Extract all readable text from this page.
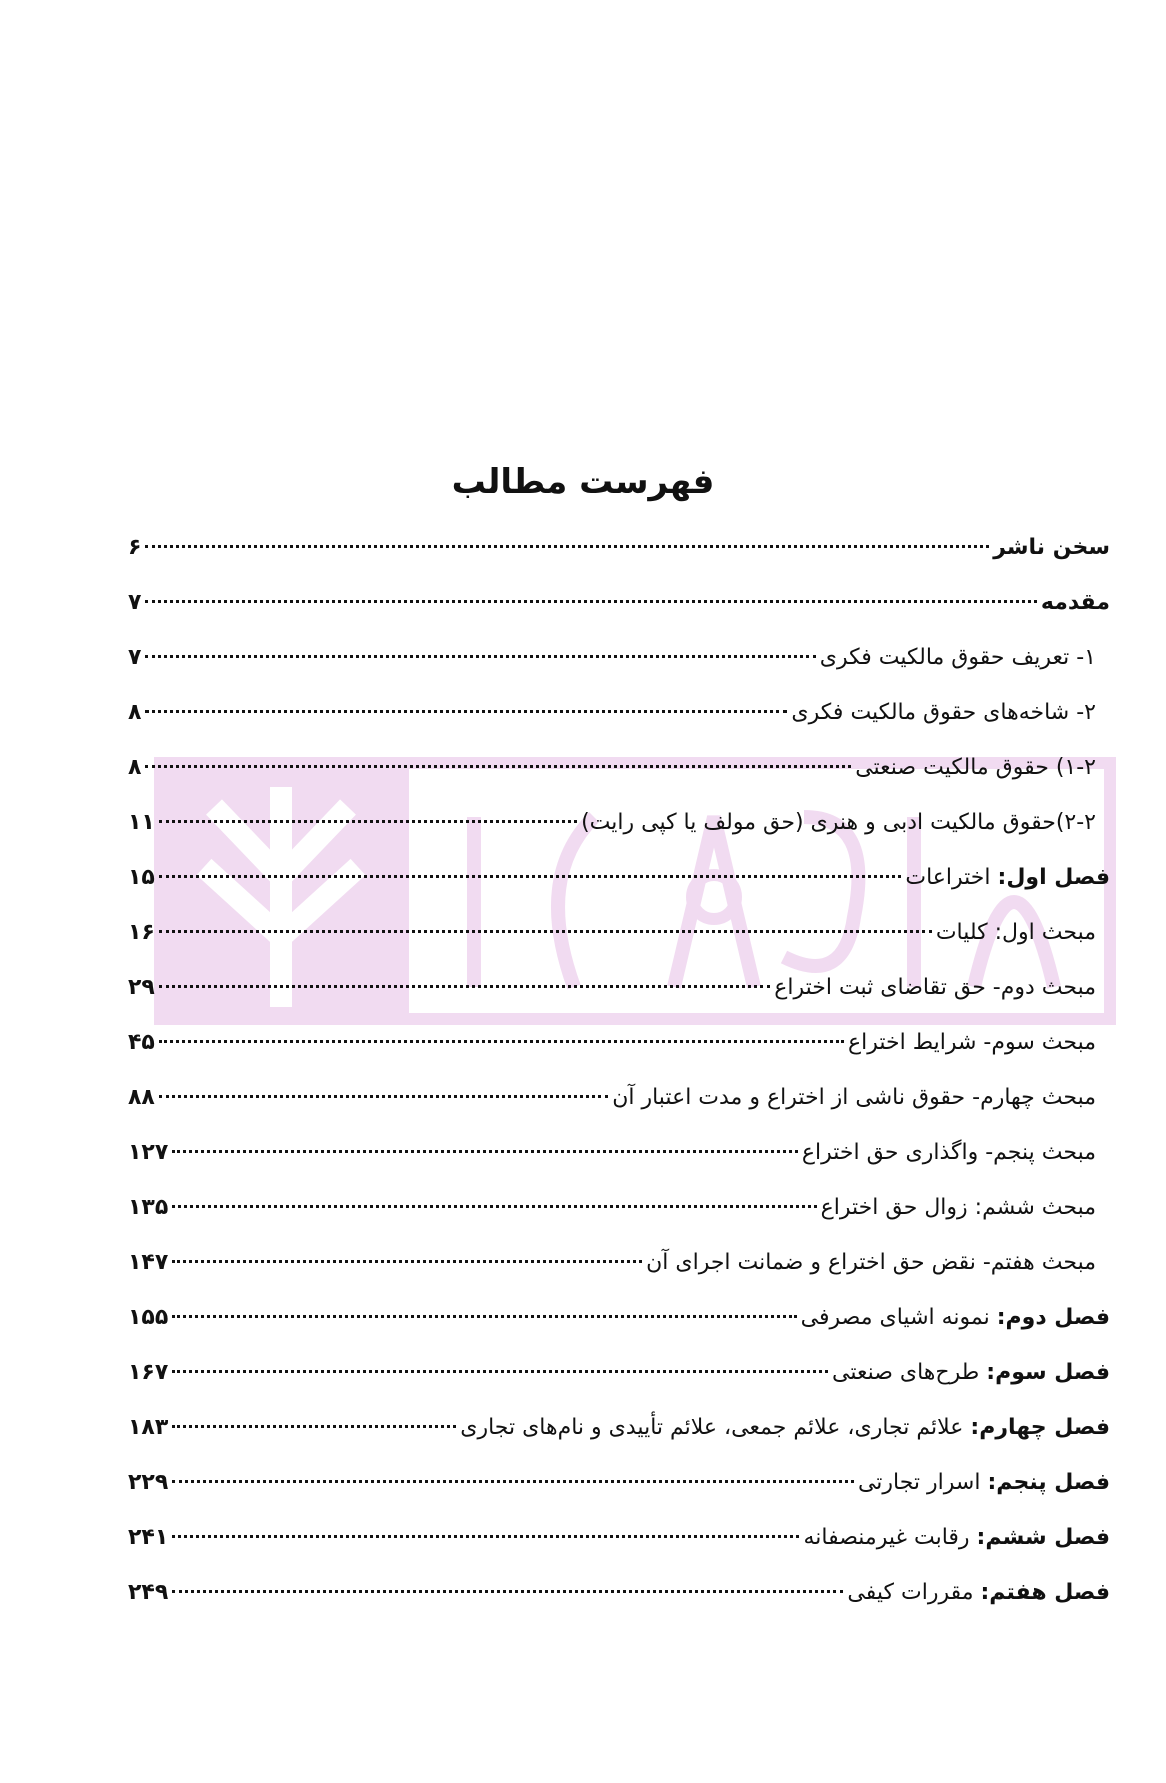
فهرست مطالب
سخن ناشر
۶
مقدمه
۷
۱- تعریف حقوق مالکیت فکری
۷
۲- شاخه‌های حقوق مالکیت فکری
۸
۱-۲) حقوق مالکیت صنعتی
۸
۲-۲)حقوق مالکیت ادبی و هنری (حق مولف یا کپی رایت)
۱۱
فصل اول: اختراعات
۱۵
مبحث اول: کلیات
۱۶
مبحث دوم- حق تقاضای ثبت اختراع
۲۹
مبحث سوم- شرایط اختراع
۴۵
مبحث چهارم- حقوق ناشی از اختراع و مدت اعتبار آن
۸۸
مبحث پنجم- واگذاری حق اختراع
۱۲۷
مبحث ششم: زوال حق اختراع
۱۳۵
مبحث هفتم- نقض حق اختراع و ضمانت اجرای آن
۱۴۷
فصل دوم: نمونه اشیای مصرفی
۱۵۵
فصل سوم: طرح‌های صنعتی
۱۶۷
فصل چهارم: علائم تجاری، علائم جمعی، علائم تأییدی و نام‌های تجاری
۱۸۳
فصل پنجم: اسرار تجارتی
۲۲۹
فصل ششم: رقابت غیرمنصفانه
۲۴۱
فصل هفتم: مقررات کیفی
۲۴۹
